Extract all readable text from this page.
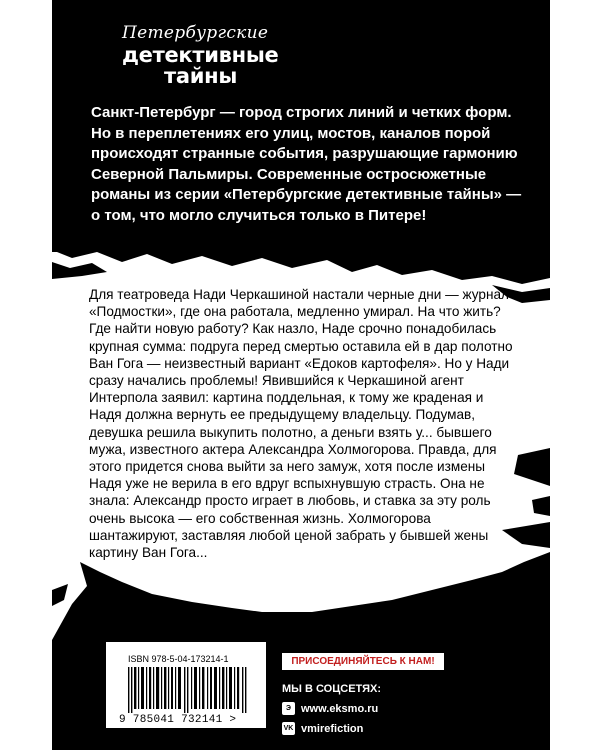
Петербургские
детективные
тайны
Санкт-Петербург — город строгих линий и четких форм. Но в переплетениях его улиц, мостов, каналов порой происходят странные события, разрушающие гармонию Северной Пальмиры. Современные остросюжетные романы из серии «Петербургские детективные тайны» — о том, что могло случиться только в Питере!

Для театроведа Нади Черкашиной настали черные дни — журнал «Подмостки», где она работала, медленно умирал. На что жить? Где найти новую работу? Как назло, Наде срочно понадобилась крупная сумма: подруга перед смертью оставила ей в дар полотно Ван Гога — неизвестный вариант «Едоков картофеля». Но у Нади сразу начались проблемы! Явившийся к Черкашиной агент Интерпола заявил: картина поддельная, к тому же краденая и Надя должна вернуть ее предыдущему владельцу. Подумав, девушка решила выкупить полотно, а деньги взять у... бывшего мужа, известного актера Александра Холмогорова. Правда, для этого придется снова выйти за него замуж, хотя после измены Надя уже не верила в его вдруг вспыхнувшую страсть. Она не знала: Александр просто играет в любовь, и ставка за эту роль очень высока — его собственная жизнь. Холмогорова шантажируют, заставляя любой ценой забрать у бывшей жены картину Ван Гога...

ISBN 978-5-04-173214-1
9 785041 732141 >
ПРИСОЕДИНЯЙТЕСЬ К НАМ!
МЫ В СОЦСЕТЯХ:
Э www.eksmo.ru
VK vmirefiction
